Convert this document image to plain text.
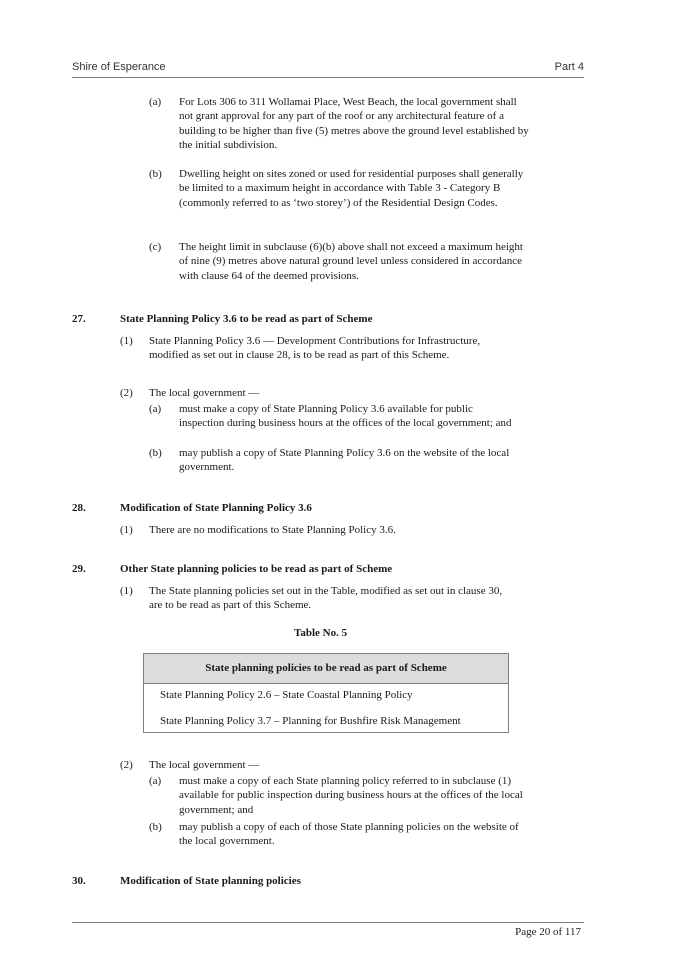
Shire of Esperance	Part 4
(a) For Lots 306 to 311 Wollamai Place, West Beach, the local government shall not grant approval for any part of the roof or any architectural feature of a building to be higher than five (5) metres above the ground level established by the initial subdivision.
(b) Dwelling height on sites zoned or used for residential purposes shall generally be limited to a maximum height in accordance with Table 3 - Category B (commonly referred to as ‘two storey’) of the Residential Design Codes.
(c) The height limit in subclause (6)(b) above shall not exceed a maximum height of nine (9) metres above natural ground level unless considered in accordance with clause 64 of the deemed provisions.
27.	State Planning Policy 3.6 to be read as part of Scheme
(1) State Planning Policy 3.6 — Development Contributions for Infrastructure, modified as set out in clause 28, is to be read as part of this Scheme.
(2) The local government —
(a) must make a copy of State Planning Policy 3.6 available for public inspection during business hours at the offices of the local government; and
(b) may publish a copy of State Planning Policy 3.6 on the website of the local government.
28.	Modification of State Planning Policy 3.6
(1) There are no modifications to State Planning Policy 3.6.
29.	Other State planning policies to be read as part of Scheme
(1) The State planning policies set out in the Table, modified as set out in clause 30, are to be read as part of this Scheme.
Table No. 5
State planning policies to be read as part of Scheme
State Planning Policy 2.6 – State Coastal Planning Policy
State Planning Policy 3.7 – Planning for Bushfire Risk Management
(2) The local government —
(a) must make a copy of each State planning policy referred to in subclause (1) available for public inspection during business hours at the offices of the local government; and
(b) may publish a copy of each of those State planning policies on the website of the local government.
30.	Modification of State planning policies
Page 20 of 117
